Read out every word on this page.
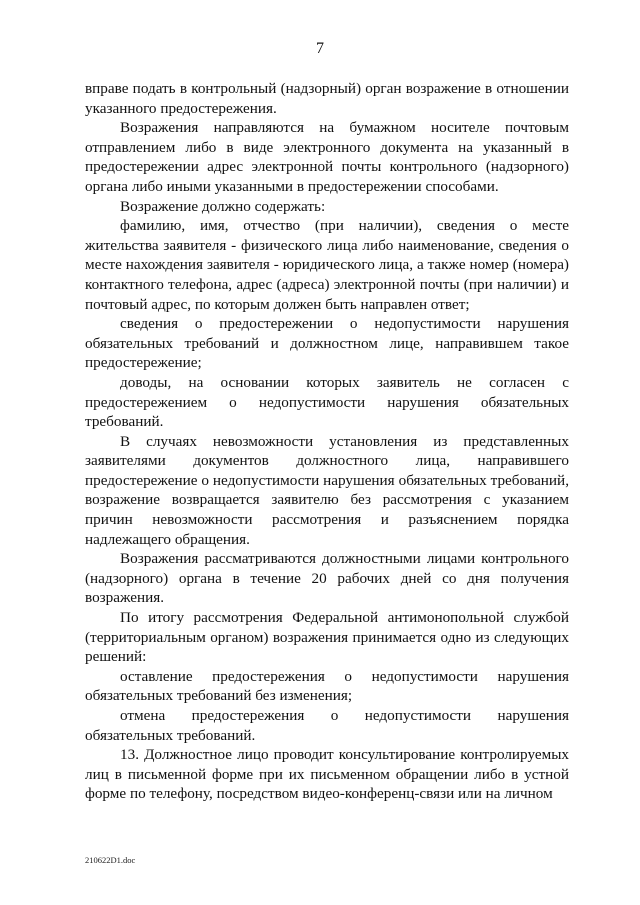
7

вправе подать в контрольный (надзорный) орган возражение в отношении указанного предостережения.

Возражения направляются на бумажном носителе почтовым отправлением либо в виде электронного документа на указанный в предостережении адрес электронной почты контрольного (надзорного) органа либо иными указанными в предостережении способами.

Возражение должно содержать:

фамилию, имя, отчество (при наличии), сведения о месте жительства заявителя - физического лица либо наименование, сведения о месте нахождения заявителя - юридического лица, а также номер (номера) контактного телефона, адрес (адреса) электронной почты (при наличии) и почтовый адрес, по которым должен быть направлен ответ;

сведения о предостережении о недопустимости нарушения обязательных требований и должностном лице, направившем такое предостережение;

доводы, на основании которых заявитель не согласен с предостережением о недопустимости нарушения обязательных требований.

В случаях невозможности установления из представленных заявителями документов должностного лица, направившего предостережение о недопустимости нарушения обязательных требований, возражение возвращается заявителю без рассмотрения с указанием причин невозможности рассмотрения и разъяснением порядка надлежащего обращения.

Возражения рассматриваются должностными лицами контрольного (надзорного) органа в течение 20 рабочих дней со дня получения возражения.

По итогу рассмотрения Федеральной антимонопольной службой (территориальным органом) возражения принимается одно из следующих решений:

оставление предостережения о недопустимости нарушения обязательных требований без изменения;

отмена предостережения о недопустимости нарушения обязательных требований.

13. Должностное лицо проводит консультирование контролируемых лиц в письменной форме при их письменном обращении либо в устной форме по телефону, посредством видео-конференц-связи или на личном

210622D1.doc
